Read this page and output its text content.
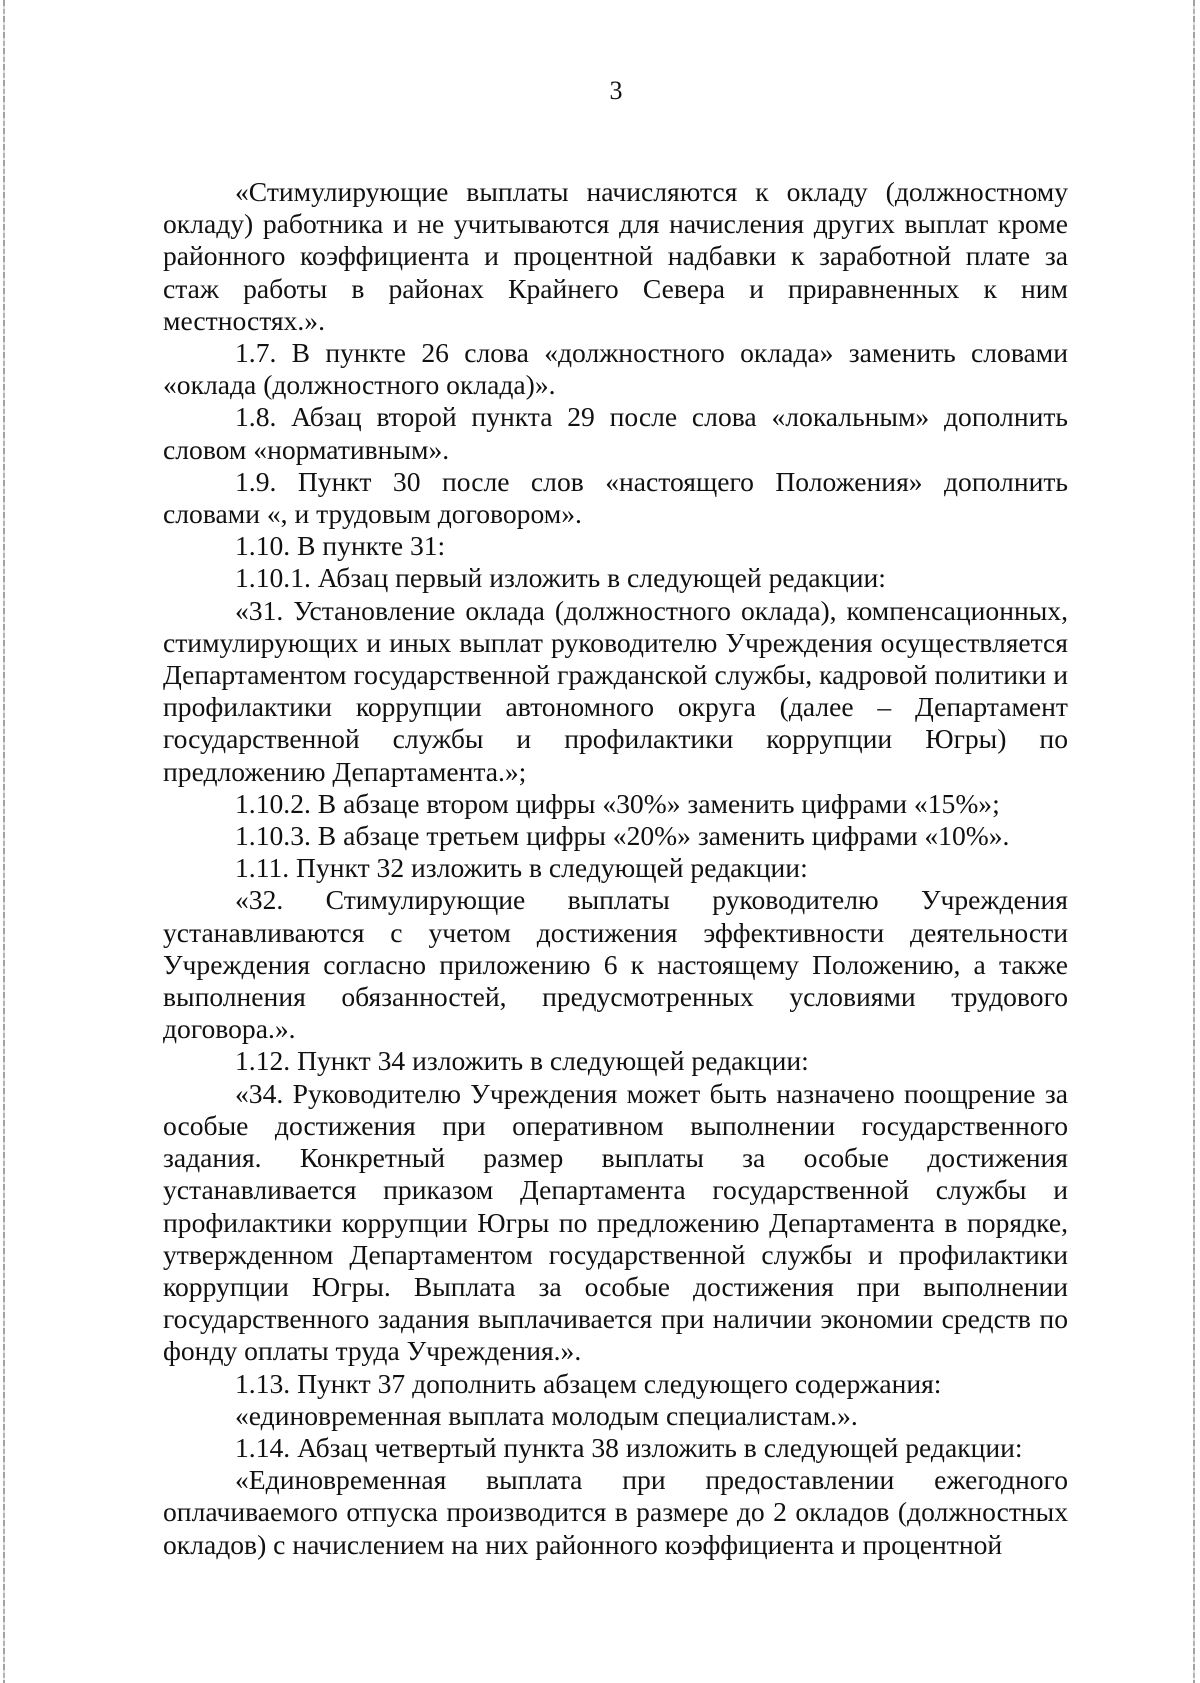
3

«Стимулирующие выплаты начисляются к окладу (должностному окладу) работника и не учитываются для начисления других выплат кроме районного коэффициента и процентной надбавки к заработной плате за стаж работы в районах Крайнего Севера и приравненных к ним местностях.».

1.7. В пункте 26 слова «должностного оклада» заменить словами «оклада (должностного оклада)».

1.8. Абзац второй пункта 29 после слова «локальным» дополнить словом «нормативным».

1.9. Пункт 30 после слов «настоящего Положения» дополнить словами «, и трудовым договором».

1.10. В пункте 31:

1.10.1. Абзац первый изложить в следующей редакции:

«31. Установление оклада (должностного оклада), компенсационных, стимулирующих и иных выплат руководителю Учреждения осуществляется Департаментом государственной гражданской службы, кадровой политики и профилактики коррупции автономного округа (далее – Департамент государственной службы и профилактики коррупции Югры) по предложению Департамента.»;

1.10.2. В абзаце втором цифры «30%» заменить цифрами «15%»;

1.10.3. В абзаце третьем цифры «20%» заменить цифрами «10%».

1.11. Пункт 32 изложить в следующей редакции:

«32. Стимулирующие выплаты руководителю Учреждения устанавливаются с учетом достижения эффективности деятельности Учреждения согласно приложению 6 к настоящему Положению, а также выполнения обязанностей, предусмотренных условиями трудового договора.».

1.12. Пункт 34 изложить в следующей редакции:

«34. Руководителю Учреждения может быть назначено поощрение за особые достижения при оперативном выполнении государственного задания. Конкретный размер выплаты за особые достижения устанавливается приказом Департамента государственной службы и профилактики коррупции Югры по предложению Департамента в порядке, утвержденном Департаментом государственной службы и профилактики коррупции Югры. Выплата за особые достижения при выполнении государственного задания выплачивается при наличии экономии средств по фонду оплаты труда Учреждения.».

1.13. Пункт 37 дополнить абзацем следующего содержания:

«единовременная выплата молодым специалистам.».

1.14. Абзац четвертый пункта 38 изложить в следующей редакции:

«Единовременная выплата при предоставлении ежегодного оплачиваемого отпуска производится в размере до 2 окладов (должностных окладов) с начислением на них районного коэффициента и процентной
